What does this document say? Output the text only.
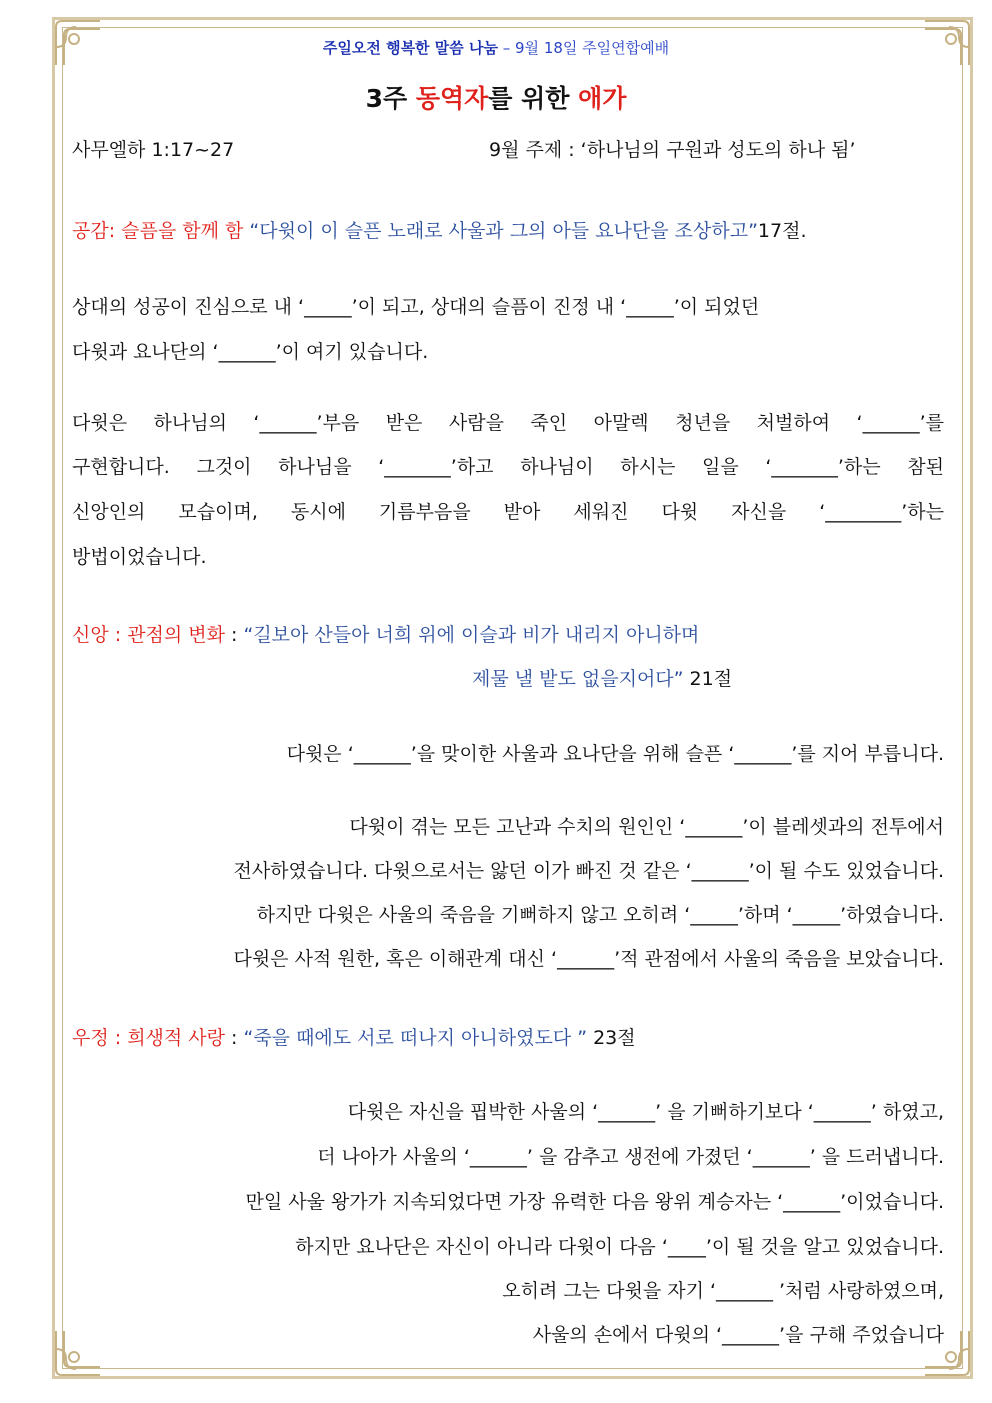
주일오전 행복한 말씀 나눔 – 9월 18일 주일연합예배
3주 동역자를 위한 애가
사무엘하 1:17~27	9월 주제 : ‘하나님의 구원과 성도의 하나 됨’
공감: 슬픔을 함께 함 “다윗이 이 슬픈 노래로 사울과 그의 아들 요나단을 조상하고”17절.
상대의 성공이 진심으로 내 ‘_____’이 되고, 상대의 슬픔이 진정 내 ‘_____’이 되었던
다윗과 요나단의 ‘______’이 여기 있습니다.
다윗은 하나님의 ‘______’부음 받은 사람을 죽인 아말렉 청년을 처벌하여 ‘______’를
구현합니다. 그것이 하나님을 ‘_______’하고 하나님이 하시는 일을 ‘_______’하는 참된
신앙인의 모습이며, 동시에 기름부음을 받아 세워진 다윗 자신을 ‘________’하는
방법이었습니다.
신앙 : 관점의 변화 : “길보아 산들아 너희 위에 이슬과 비가 내리지 아니하며
제물 낼 밭도 없을지어다” 21절
다윗은 ‘______’을 맞이한 사울과 요나단을 위해 슬픈 ‘______’를 지어 부릅니다.
다윗이 겪는 모든 고난과 수치의 원인인 ‘______’이 블레셋과의 전투에서
전사하였습니다. 다윗으로서는 앓던 이가 빠진 것 같은 ‘______’이 될 수도 있었습니다.
하지만 다윗은 사울의 죽음을 기뻐하지 않고 오히려 ‘_____’하며 ‘_____’하였습니다.
다윗은 사적 원한, 혹은 이해관계 대신 ‘______’적 관점에서 사울의 죽음을 보았습니다.
우정 : 희생적 사랑 : “죽을 때에도 서로 떠나지 아니하였도다 ” 23절
다윗은 자신을 핍박한 사울의 ‘______’ 을 기뻐하기보다 ‘______’ 하였고,
더 나아가 사울의 ‘______’ 을 감추고 생전에 가졌던 ‘______’ 을 드러냅니다.
만일 사울 왕가가 지속되었다면 가장 유력한 다음 왕위 계승자는 ‘______’이었습니다.
하지만 요나단은 자신이 아니라 다윗이 다음 ‘____’이 될 것을 알고 있었습니다.
오히려 그는 다윗을 자기 ‘______ ’처럼 사랑하였으며,
사울의 손에서 다윗의 ‘______’을 구해 주었습니다
